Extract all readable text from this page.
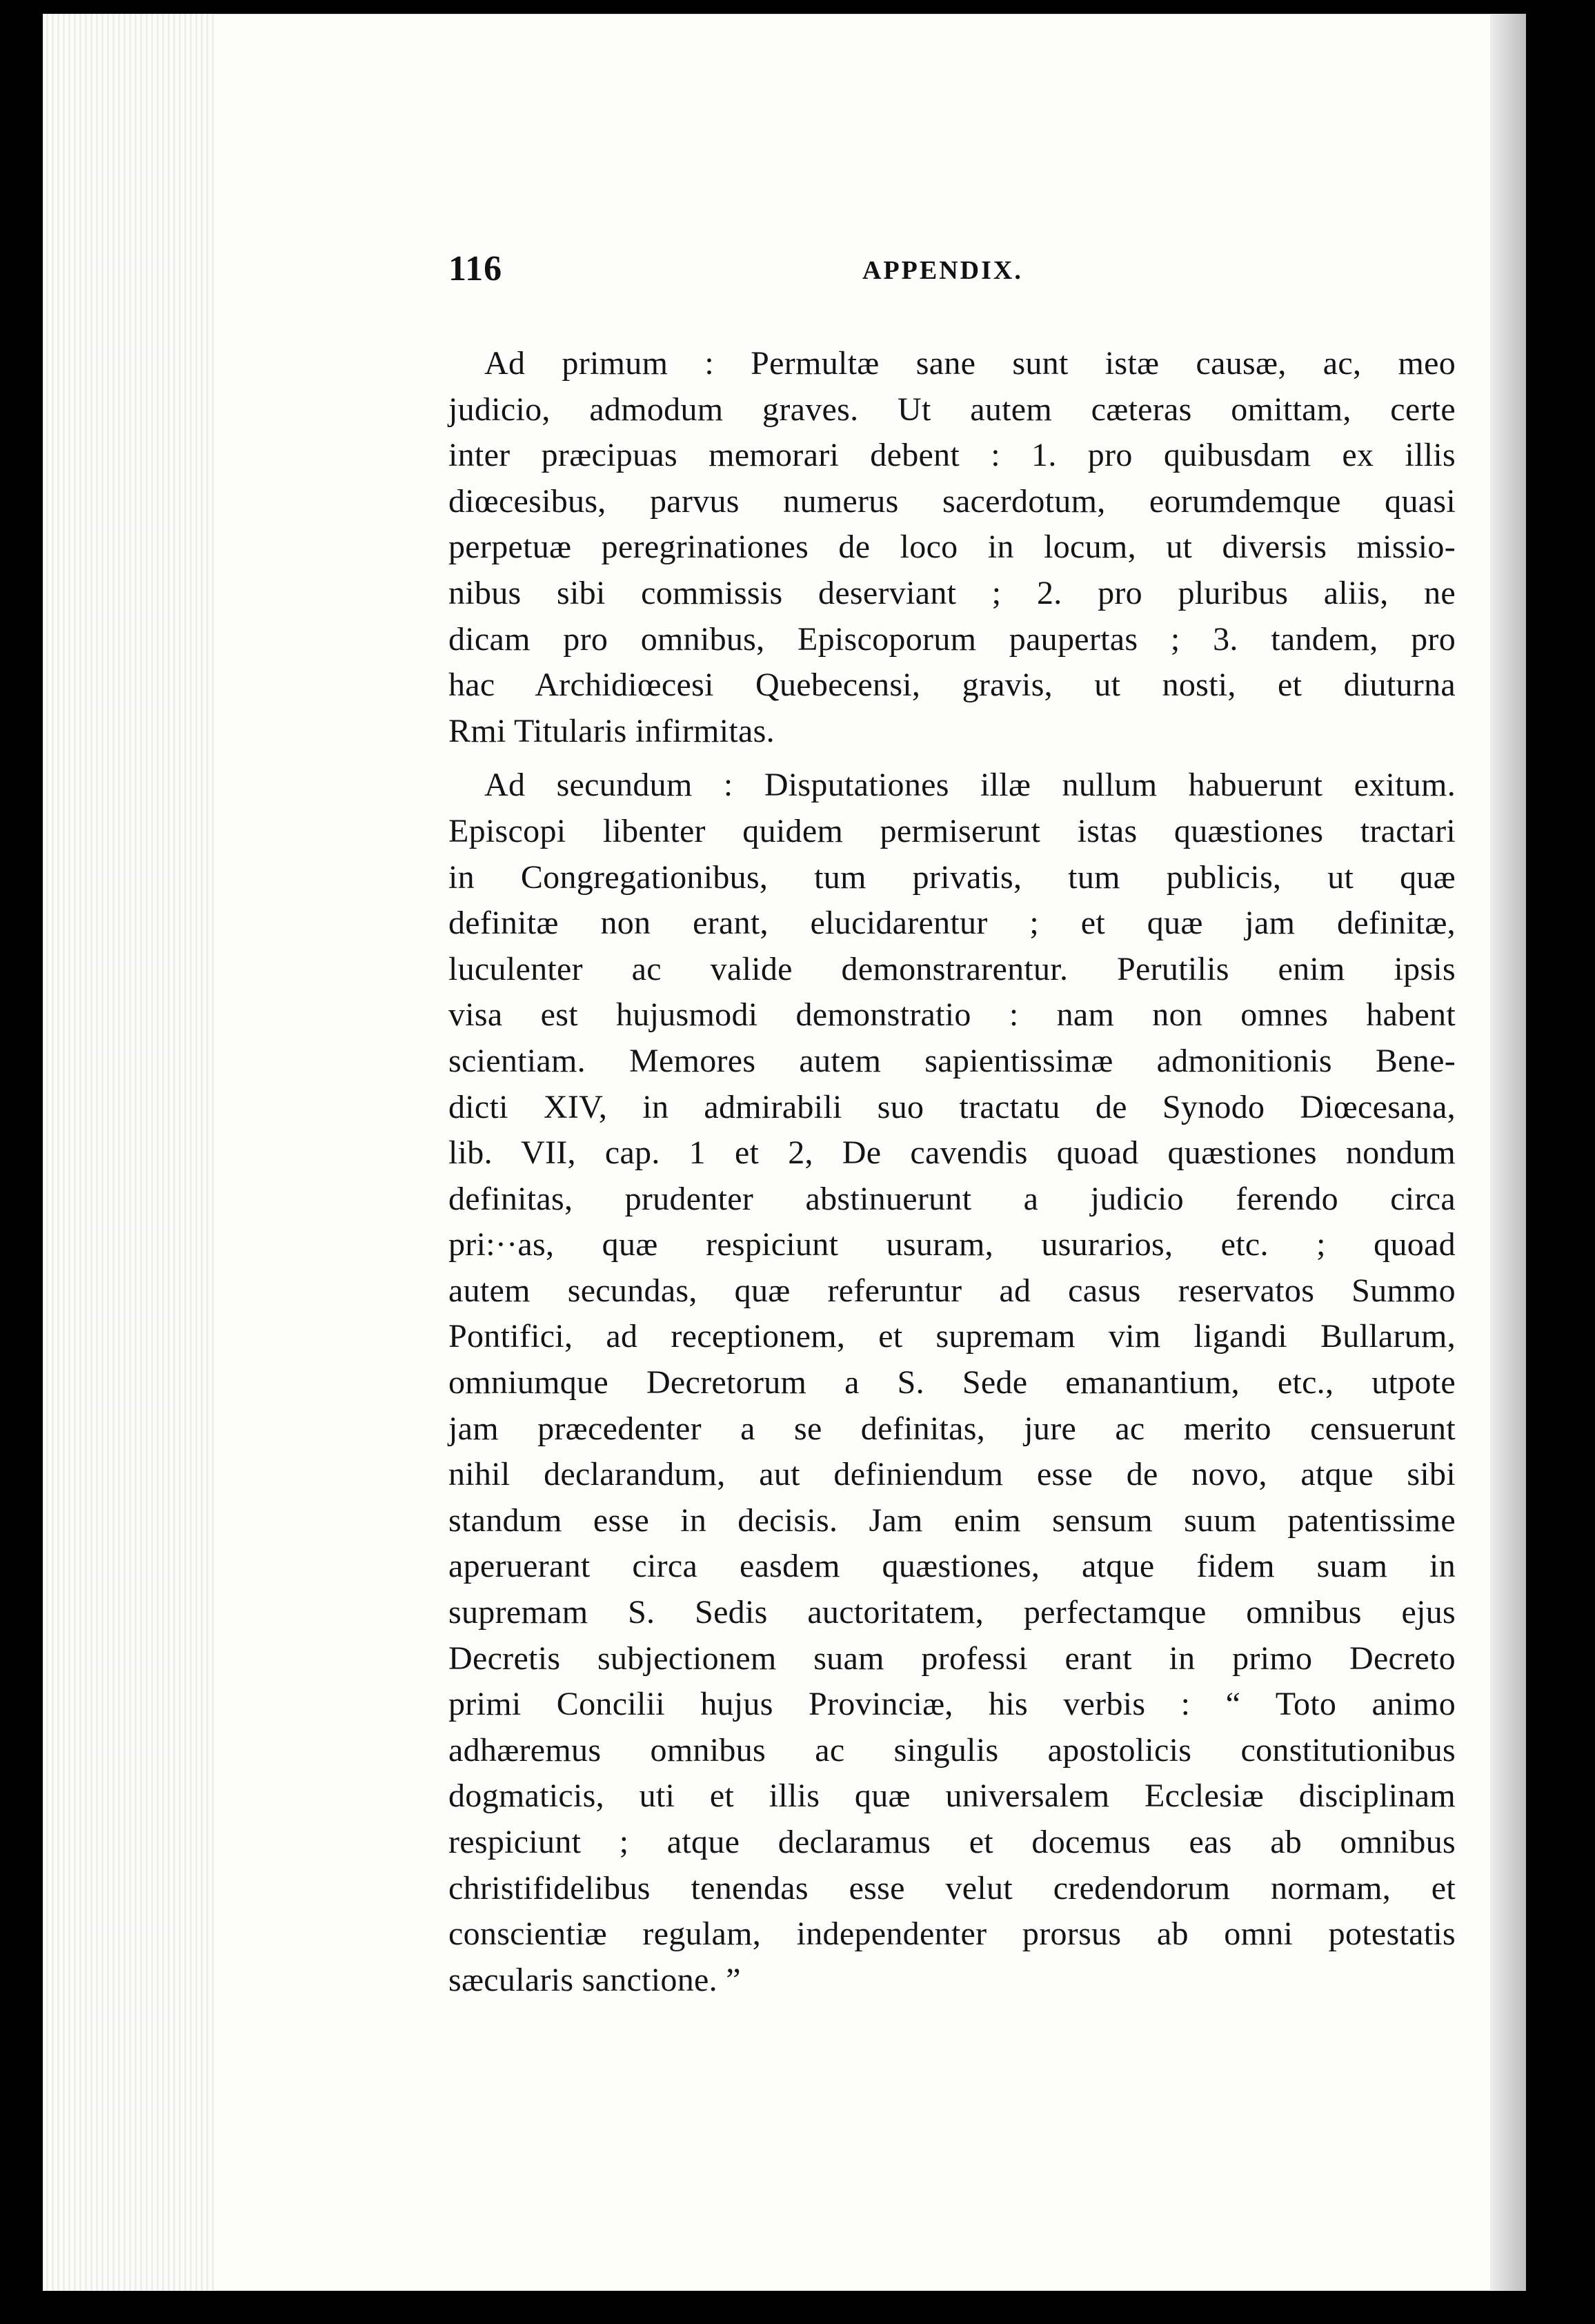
116	APPENDIX.

Ad primum : Permultæ sane sunt istæ causæ, ac, meo
judicio, admodum graves. Ut autem cæteras omittam, certe
inter præcipuas memorari debent : 1. pro quibusdam ex illis
diœcesibus, parvus numerus sacerdotum, eorumdemque quasi
perpetuæ peregrinationes de loco in locum, ut diversis missio-
nibus sibi commissis deserviant ; 2. pro pluribus aliis, ne
dicam pro omnibus, Episcoporum paupertas ; 3. tandem, pro
hac Archidiœcesi Quebecensi, gravis, ut nosti, et diuturna
Rmi Titularis infirmitas.

Ad secundum : Disputationes illæ nullum habuerunt exitum.
Episcopi libenter quidem permiserunt istas quæstiones tractari
in Congregationibus, tum privatis, tum publicis, ut quæ
definitæ non erant, elucidarentur ; et quæ jam definitæ,
luculenter ac valide demonstrarentur. Perutilis enim ipsis
visa est hujusmodi demonstratio : nam non omnes habent
scientiam. Memores autem sapientissimæ admonitionis Bene-
dicti XIV, in admirabili suo tractatu de Synodo Diœcesana,
lib. VII, cap. 1 et 2, De cavendis quoad quæstiones nondum
definitas, prudenter abstinuerunt a judicio ferendo circa
pri:··as, quæ respiciunt usuram, usurarios, etc. ; quoad
autem secundas, quæ referuntur ad casus reservatos Summo
Pontifici, ad receptionem, et supremam vim ligandi Bullarum,
omniumque Decretorum a S. Sede emanantium, etc., utpote
jam præcedenter a se definitas, jure ac merito censuerunt
nihil declarandum, aut definiendum esse de novo, atque sibi
standum esse in decisis. Jam enim sensum suum patentissime
aperuerant circa easdem quæstiones, atque fidem suam in
supremam S. Sedis auctoritatem, perfectamque omnibus ejus
Decretis subjectionem suam professi erant in primo Decreto
primi Concilii hujus Provinciæ, his verbis : “ Toto animo
adhæremus omnibus ac singulis apostolicis constitutionibus
dogmaticis, uti et illis quæ universalem Ecclesiæ disciplinam
respiciunt ; atque declaramus et docemus eas ab omnibus
christifidelibus tenendas esse velut credendorum normam, et
conscientiæ regulam, independenter prorsus ab omni potestatis
sæcularis sanctione. ”
